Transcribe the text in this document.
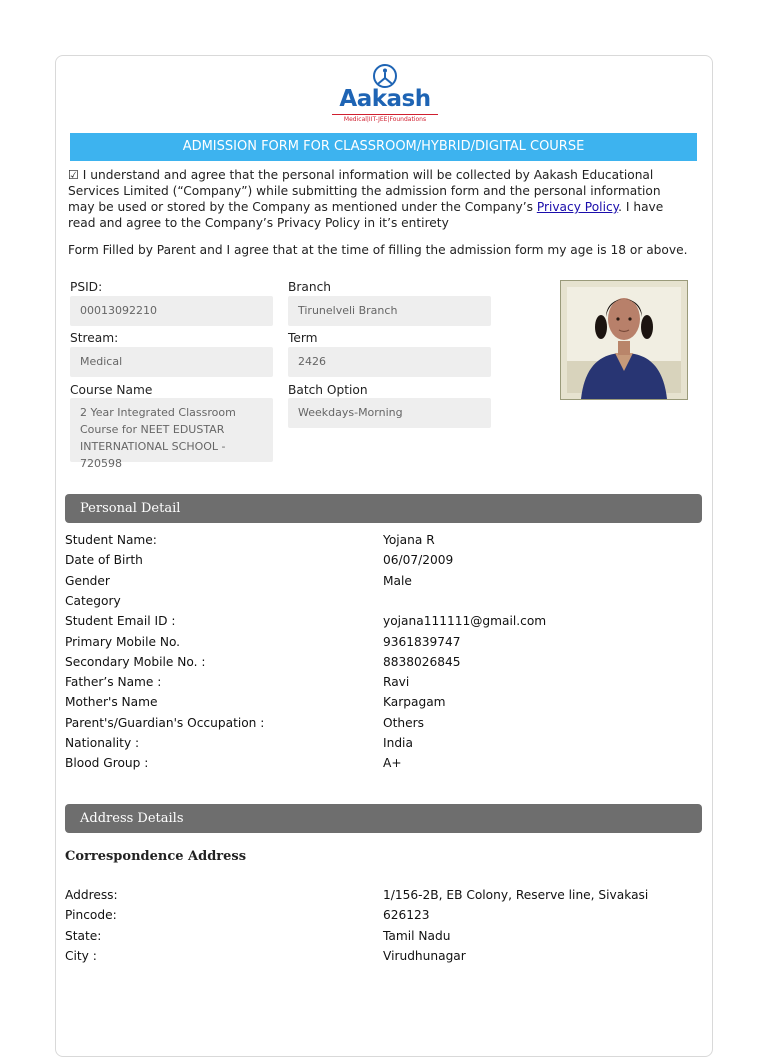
Aakash
Medical|IIT-JEE|Foundations
ADMISSION FORM FOR CLASSROOM/HYBRID/DIGITAL COURSE
☑ I understand and agree that the personal information will be collected by Aakash Educational Services Limited (“Company”) while submitting the admission form and the personal information may be used or stored by the Company as mentioned under the Company’s Privacy Policy. I have read and agree to the Company’s Privacy Policy in it’s entirety
Form Filled by Parent and I agree that at the time of filling the admission form my age is 18 or above.
PSID:
00013092210
Branch
Tirunelveli Branch
Stream:
Medical
Term
2426
Course Name
2 Year Integrated Classroom Course for NEET EDUSTAR INTERNATIONAL SCHOOL - 720598
Batch Option
Weekdays-Morning
Personal Detail
Student Name:	Yojana R
Date of Birth	06/07/2009
Gender	Male
Category
Student Email ID :	yojana111111@gmail.com
Primary Mobile No.	9361839747
Secondary Mobile No. :	8838026845
Father’s Name :	Ravi
Mother's Name	Karpagam
Parent's/Guardian's Occupation :	Others
Nationality :	India
Blood Group :	A+
Address Details
Correspondence Address
Address:	1/156-2B, EB Colony, Reserve line, Sivakasi
Pincode:	626123
State:	Tamil Nadu
City :	Virudhunagar
